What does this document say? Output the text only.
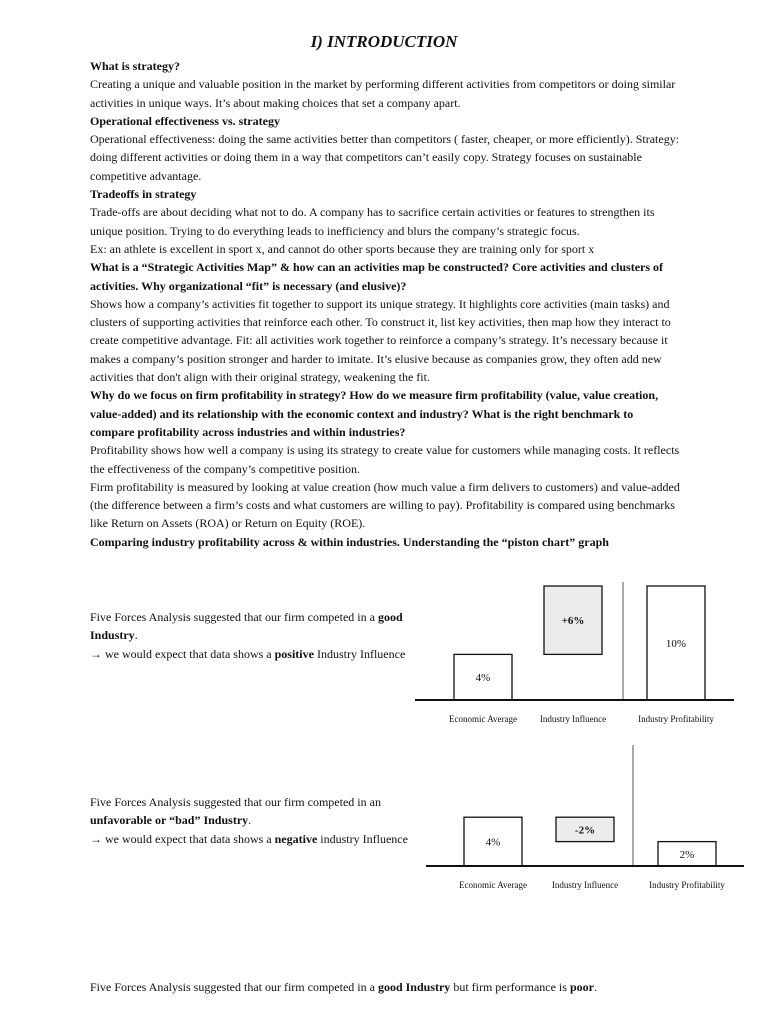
I) INTRODUCTION

What is strategy?

Creating a unique and valuable position in the market by performing different activities from competitors or doing similar activities in unique ways. It’s about making choices that set a company apart.

Operational effectiveness vs. strategy

Operational effectiveness: doing the same activities better than competitors ( faster, cheaper, or more efficiently). Strategy: doing different activities or doing them in a way that competitors can’t easily copy. Strategy focuses on sustainable competitive advantage.

Tradeoffs in strategy

Trade-offs are about deciding what not to do. A company has to sacrifice certain activities or features to strengthen its unique position. Trying to do everything leads to inefficiency and blurs the company’s strategic focus.

Ex: an athlete is excellent in sport x, and cannot do other sports because they are training only for sport x

What is a “Strategic Activities Map” & how can an activities map be constructed? Core activities and clusters of activities. Why organizational “fit” is necessary (and elusive)?

Shows how a company’s activities fit together to support its unique strategy. It highlights core activities (main tasks) and clusters of supporting activities that reinforce each other. To construct it, list key activities, then map how they interact to create competitive advantage. Fit: all activities work together to reinforce a company’s strategy. It’s necessary because it makes a company’s position stronger and harder to imitate. It’s elusive because as companies grow, they often add new activities that don't align with their original strategy, weakening the fit.

Why do we focus on firm profitability in strategy? How do we measure firm profitability (value, value creation, value-added) and its relationship with the economic context and industry? What is the right benchmark to compare profitability across industries and within industries?

Profitability shows how well a company is using its strategy to create value for customers while managing costs. It reflects the effectiveness of the company’s competitive position.

Firm profitability is measured by looking at value creation (how much value a firm delivers to customers) and value-added (the difference between a firm’s costs and what customers are willing to pay). Profitability is compared using benchmarks like Return on Assets (ROA) or Return on Equity (ROE).

Comparing industry profitability across & within industries. Understanding the “piston chart” graph

Five Forces Analysis suggested that our firm competed in a good Industry.
→ we would expect that data shows a positive Industry Influence
4%
Economic Average
+6%
Industry Influence
10%
Industry Profitability
Five Forces Analysis suggested that our firm competed in an unfavorable or “bad” Industry.
→ we would expect that data shows a negative industry Influence	4%
Economic Average
-2%
Industry Influence
2%
Industry Profitability
Five Forces Analysis suggested that our firm competed in a good Industry but firm performance is poor.
